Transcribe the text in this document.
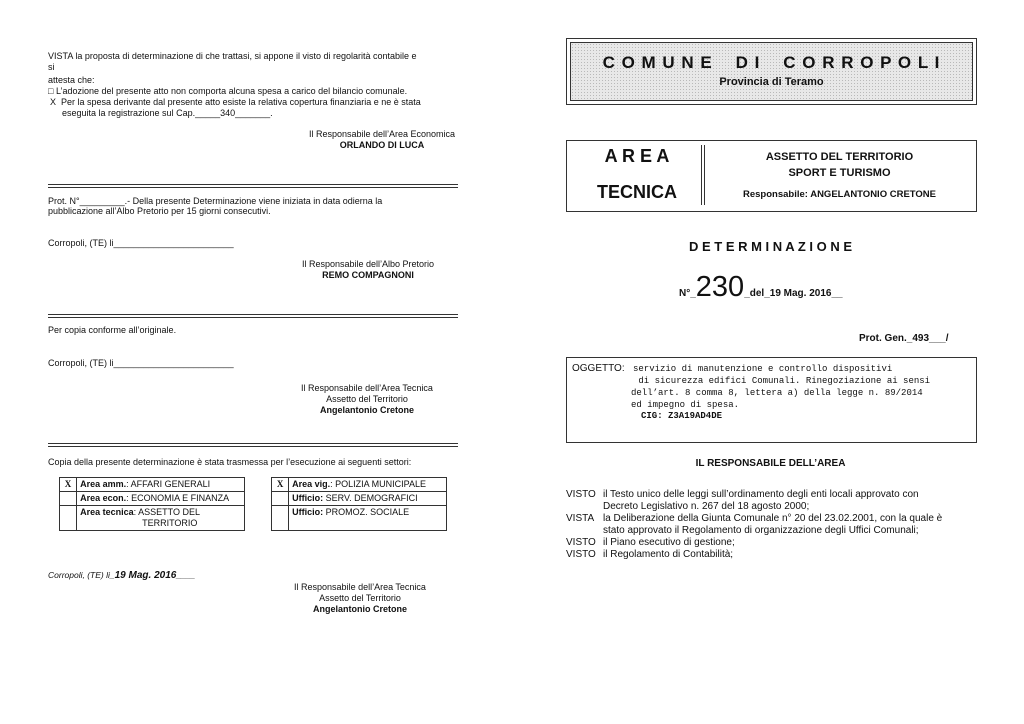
VISTA la proposta di determinazione di che trattasi, si appone il visto di regolarità contabile e
si
attesta che:
□ L’adozione del presente atto non comporta alcuna spesa a carico del bilancio comunale.
X Per la spesa derivante dal presente atto esiste la relativa copertura finanziaria e ne è stata
eseguita la registrazione sul Cap._____340_______.
Il Responsabile dell’Area Economica
ORLANDO DI LUCA
Prot. N°_________.- Della presente Determinazione viene iniziata in data odierna la
pubblicazione all’Albo Pretorio per 15 giorni consecutivi.
Corropoli, (TE) li________________________
Il Responsabile dell’Albo Pretorio
REMO COMPAGNONI
Per copia conforme all’originale.
Corropoli, (TE) li________________________
Il Responsabile dell’Area Tecnica
Assetto del Territorio
Angelantonio Cretone
Copia della presente determinazione è stata trasmessa per l’esecuzione ai seguenti settori:
X	Area amm.: AFFARI GENERALI		X	Area vig.: POLIZIA MUNICIPALE
	Area econ.: ECONOMIA E FINANZA			Ufficio: SERV. DEMOGRAFICI
	Area tecnica: ASSETTO DEL
TERRITORIO			Ufficio: PROMOZ. SOCIALE
Corropoli, (TE) li_19 Mag. 2016____
Il Responsabile dell’Area Tecnica
Assetto del Territorio
Angelantonio Cretone
C O M U N E    D I    C O R R O P O L I
Provincia di Teramo
A R E A
TECNICA
ASSETTO DEL TERRITORIO
SPORT E TURISMO
Responsabile: ANGELANTONIO CRETONE
D E T E R M I N A Z I O N E
N°_230_del_19 Mag. 2016__
Prot. Gen._493___/
OGGETTO: servizio di manutenzione e controllo dispositivi
di sicurezza edifici Comunali. Rinegoziazione ai sensi
dell’art. 8 comma 8, lettera a) della legge n. 89/2014
ed impegno di spesa.
CIG: Z3A19AD4DE
IL RESPONSABILE DELL’AREA
VISTO il Testo unico delle leggi sull’ordinamento degli enti locali approvato con
Decreto Legislativo n. 267 del 18 agosto 2000;
VISTA la Deliberazione della Giunta Comunale n° 20 del 23.02.2001, con la quale è
stato approvato il Regolamento di organizzazione degli Uffici Comunali;
VISTO il Piano esecutivo di gestione;
VISTO il Regolamento di Contabilità;
